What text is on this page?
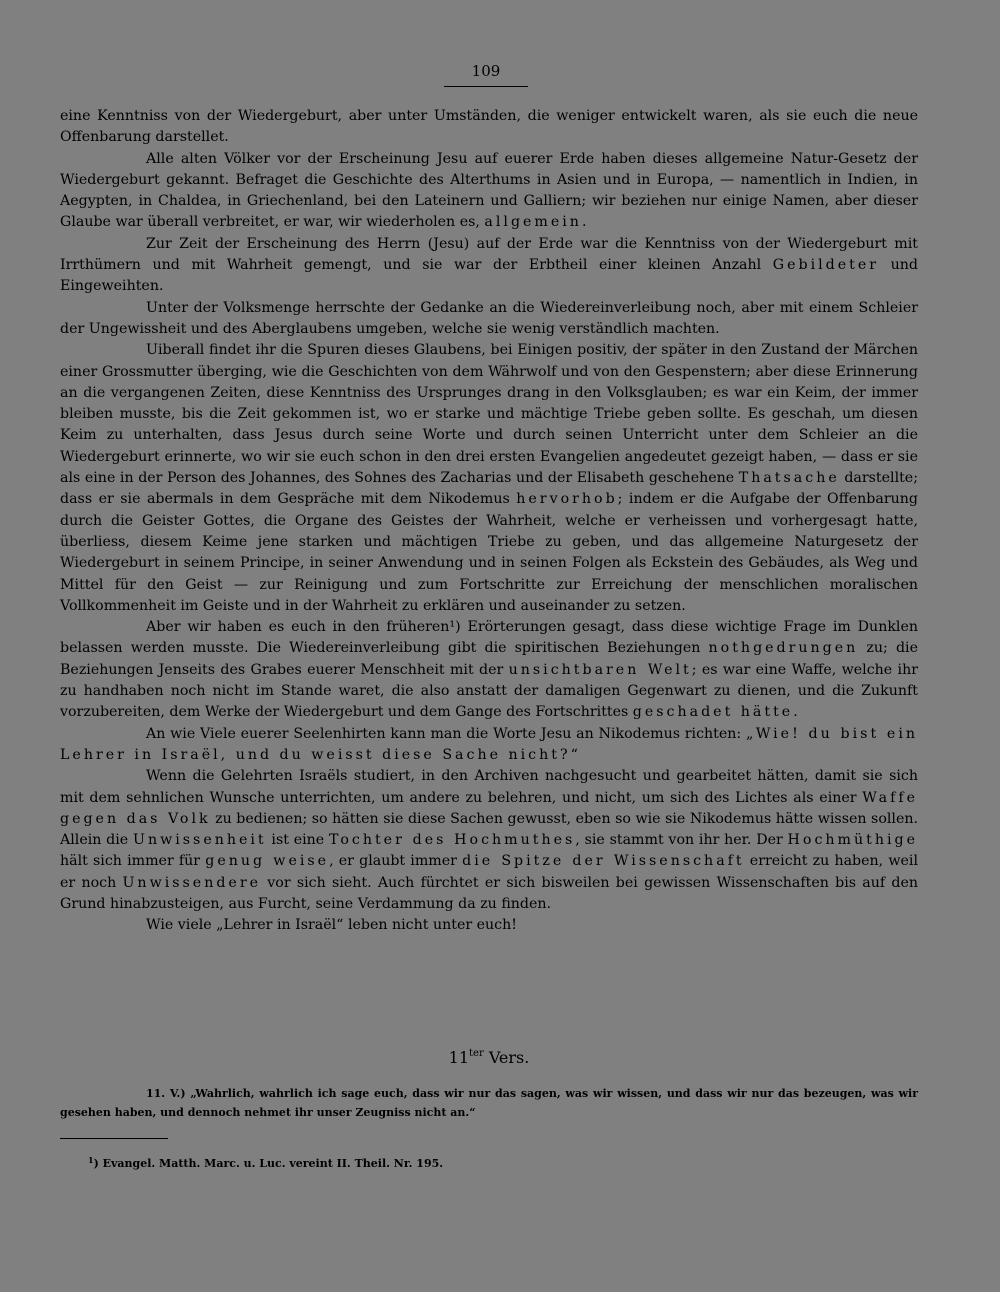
109

eine Kenntniss von der Wiedergeburt, aber unter Umständen, die weniger entwickelt waren, als sie euch die neue Offenbarung darstellet.

Alle alten Völker vor der Erscheinung Jesu auf euerer Erde haben dieses allgemeine Natur-Gesetz der Wiedergeburt gekannt. Befraget die Geschichte des Alterthums in Asien und in Europa, — namentlich in Indien, in Aegypten, in Chaldea, in Griechenland, bei den Lateinern und Galliern; wir beziehen nur einige Namen, aber dieser Glaube war überall verbreitet, er war, wir wiederholen es, allgemein.

Zur Zeit der Erscheinung des Herrn (Jesu) auf der Erde war die Kenntniss von der Wiedergeburt mit Irrthümern und mit Wahrheit gemengt, und sie war der Erbtheil einer kleinen Anzahl Gebildeter und Eingeweihten.

Unter der Volksmenge herrschte der Gedanke an die Wiedereinverleibung noch, aber mit einem Schleier der Ungewissheit und des Aberglaubens umgeben, welche sie wenig verständlich machten.

Uiberall findet ihr die Spuren dieses Glaubens, bei Einigen positiv, der später in den Zustand der Märchen einer Grossmutter überging, wie die Geschichten von dem Währwolf und von den Gespenstern; aber diese Erinnerung an die vergangenen Zeiten, diese Kenntniss des Ursprunges drang in den Volksglauben; es war ein Keim, der immer bleiben musste, bis die Zeit gekommen ist, wo er starke und mächtige Triebe geben sollte. Es geschah, um diesen Keim zu unterhalten, dass Jesus durch seine Worte und durch seinen Unterricht unter dem Schleier an die Wiedergeburt erinnerte, wo wir sie euch schon in den drei ersten Evangelien angedeutet gezeigt haben, — dass er sie als eine in der Person des Johannes, des Sohnes des Zacharias und der Elisabeth geschehene Thatsache darstellte; dass er sie abermals in dem Gespräche mit dem Nikodemus hervorhob; indem er die Aufgabe der Offenbarung durch die Geister Gottes, die Organe des Geistes der Wahrheit, welche er verheissen und vorhergesagt hatte, überliess, diesem Keime jene starken und mächtigen Triebe zu geben, und das allgemeine Naturgesetz der Wiedergeburt in seinem Principe, in seiner Anwendung und in seinen Folgen als Eckstein des Gebäudes, als Weg und Mittel für den Geist — zur Reinigung und zum Fortschritte zur Erreichung der menschlichen moralischen Vollkommenheit im Geiste und in der Wahrheit zu erklären und auseinander zu setzen.

Aber wir haben es euch in den früheren¹) Erörterungen gesagt, dass diese wichtige Frage im Dunklen belassen werden musste. Die Wiedereinverleibung gibt die spiritischen Beziehungen nothgedrungen zu; die Beziehungen Jenseits des Grabes euerer Menschheit mit der unsichtbaren Welt; es war eine Waffe, welche ihr zu handhaben noch nicht im Stande waret, die also anstatt der damaligen Gegenwart zu dienen, und die Zukunft vorzubereiten, dem Werke der Wiedergeburt und dem Gange des Fortschrittes geschadet hätte.

An wie Viele euerer Seelenhirten kann man die Worte Jesu an Nikodemus richten: „Wie! du bist ein Lehrer in Israël, und du weisst diese Sache nicht?“

Wenn die Gelehrten Israëls studiert, in den Archiven nachgesucht und gearbeitet hätten, damit sie sich mit dem sehnlichen Wunsche unterrichten, um andere zu belehren, und nicht, um sich des Lichtes als einer Waffe gegen das Volk zu bedienen; so hätten sie diese Sachen gewusst, eben so wie sie Nikodemus hätte wissen sollen. Allein die Unwissenheit ist eine Tochter des Hochmuthes, sie stammt von ihr her. Der Hochmüthige hält sich immer für genug weise, er glaubt immer die Spitze der Wissenschaft erreicht zu haben, weil er noch Unwissendere vor sich sieht. Auch fürchtet er sich bisweilen bei gewissen Wissenschaften bis auf den Grund hinabzusteigen, aus Furcht, seine Verdammung da zu finden.

Wie viele „Lehrer in Israël“ leben nicht unter euch!

$11^{ter}$ Vers.

11. V.) „Wahrlich, wahrlich ich sage euch, dass wir nur das sagen, was wir wissen, und dass wir nur das bezeugen, was wir gesehen haben, und dennoch nehmet ihr unser Zeugniss nicht an.“

$^1$) Evangel. Matth. Marc. u. Luc. vereint II. Theil. Nr. 195.
